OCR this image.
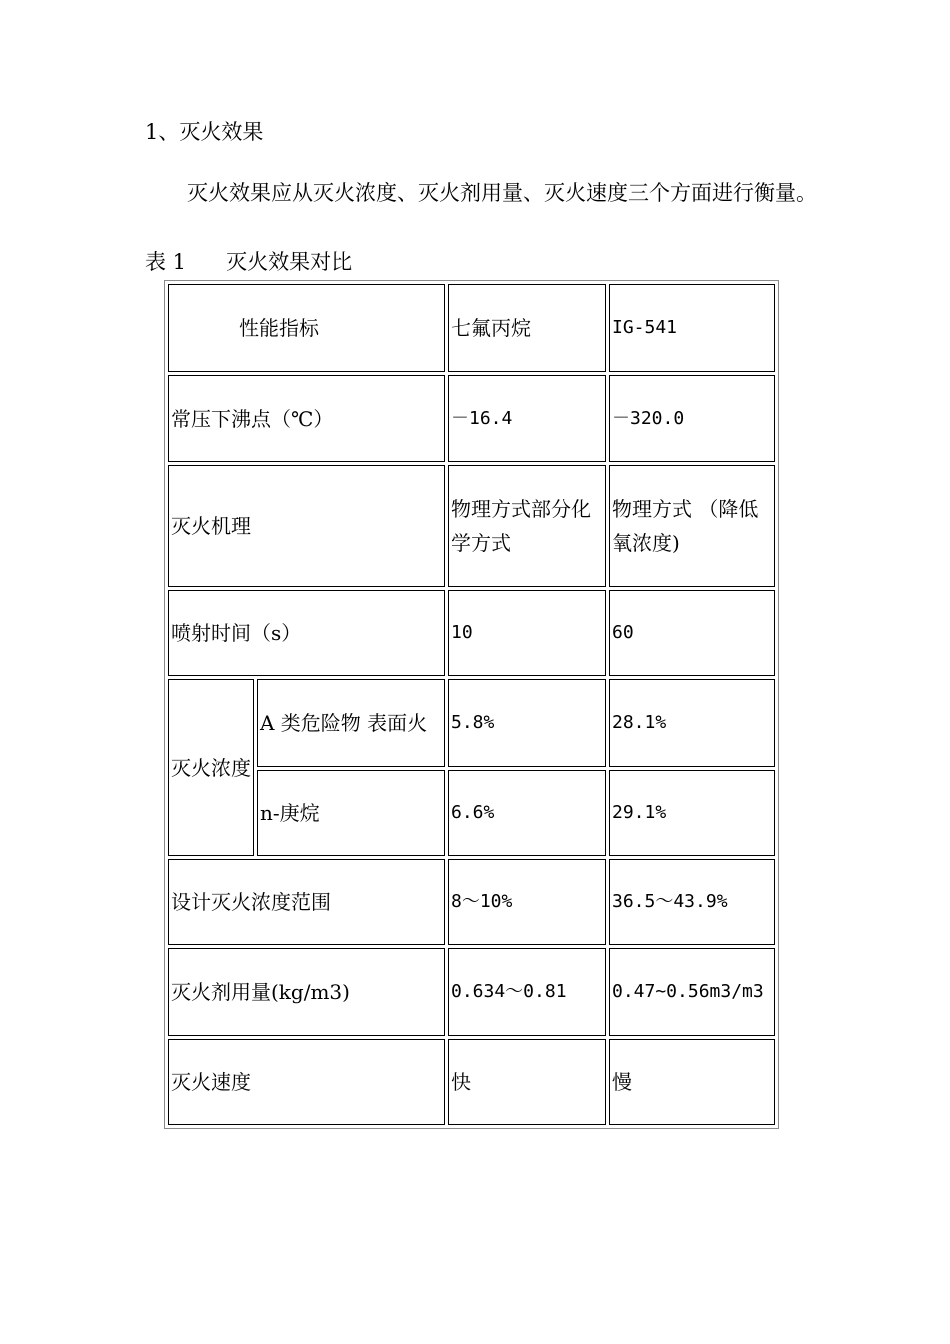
1、灭火效果
灭火效果应从灭火浓度、灭火剂用量、灭火速度三个方面进行衡量。
表 1      灭火效果对比
性能指标		七氟丙烷	IG-541
常压下沸点（℃）		－16.4	－320.0
灭火机理		物理方式部分化学方式	物理方式 （降低氧浓度)
喷射时间（s）		10	60
灭火浓度	A 类危险物 表面火	5.8%	28.1%
	n-庚烷	6.6%	29.1%
设计灭火浓度范围		8～10%	36.5～43.9%
灭火剂用量(kg/m3)		0.634～0.81	0.47~0.56m3/m3
灭火速度		快	慢
